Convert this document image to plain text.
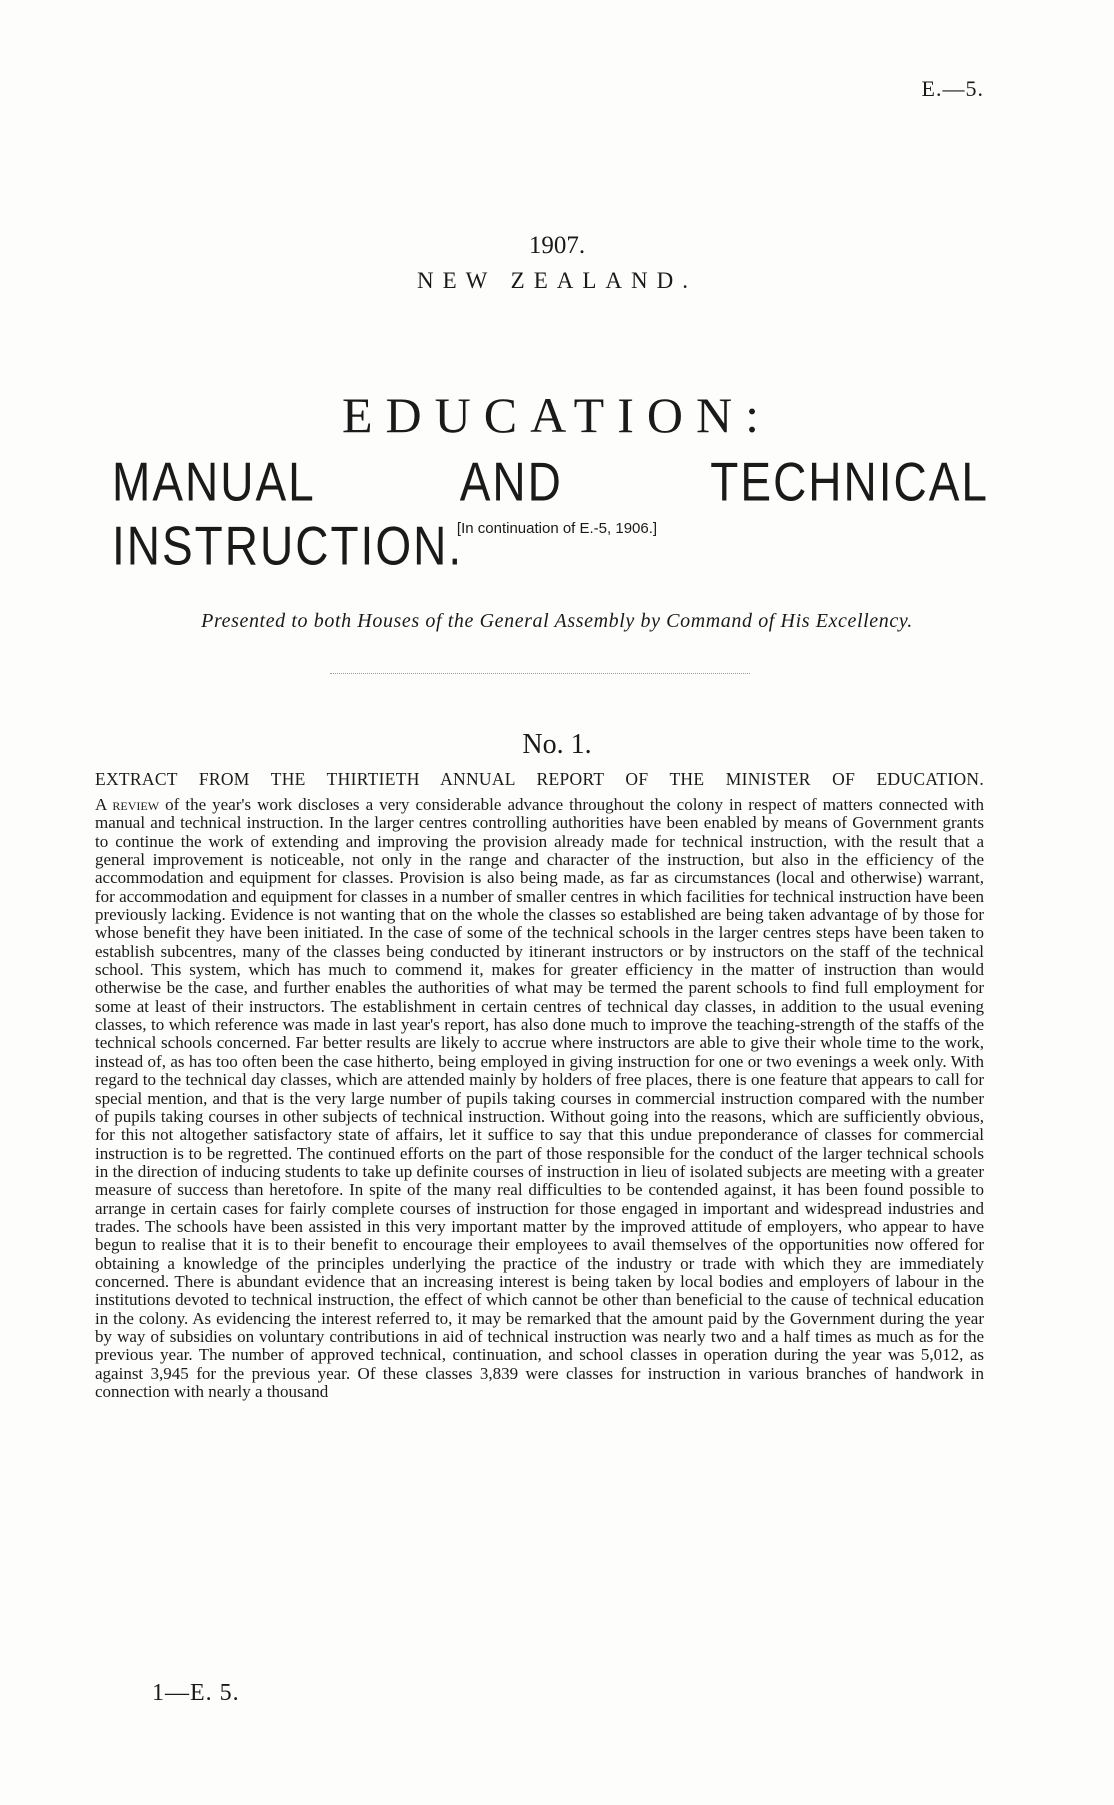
E.—5.
1907.
NEW ZEALAND.
EDUCATION:
MANUAL AND TECHNICAL INSTRUCTION.
[In continuation of E.-5, 1906.]
Presented to both Houses of the General Assembly by Command of His Excellency.
No. 1.
EXTRACT FROM THE THIRTIETH ANNUAL REPORT OF THE MINISTER OF EDUCATION.
A review of the year's work discloses a very considerable advance throughout the colony in respect of matters connected with manual and technical instruction. In the larger centres controlling authorities have been enabled by means of Government grants to continue the work of extending and improving the provision already made for technical instruction, with the result that a general improvement is noticeable, not only in the range and character of the instruction, but also in the efficiency of the accommodation and equipment for classes. Provision is also being made, as far as circumstances (local and otherwise) warrant, for accommodation and equipment for classes in a number of smaller centres in which facilities for technical instruction have been previously lacking. Evidence is not wanting that on the whole the classes so established are being taken advantage of by those for whose benefit they have been initiated. In the case of some of the technical schools in the larger centres steps have been taken to establish subcentres, many of the classes being conducted by itinerant instructors or by instructors on the staff of the technical school. This system, which has much to commend it, makes for greater efficiency in the matter of instruction than would otherwise be the case, and further enables the authorities of what may be termed the parent schools to find full employment for some at least of their instructors. The establishment in certain centres of technical day classes, in addition to the usual evening classes, to which reference was made in last year's report, has also done much to improve the teaching-strength of the staffs of the technical schools concerned. Far better results are likely to accrue where instructors are able to give their whole time to the work, instead of, as has too often been the case hitherto, being employed in giving instruction for one or two evenings a week only. With regard to the technical day classes, which are attended mainly by holders of free places, there is one feature that appears to call for special mention, and that is the very large number of pupils taking courses in commercial instruction compared with the number of pupils taking courses in other subjects of technical instruction. Without going into the reasons, which are sufficiently obvious, for this not altogether satisfactory state of affairs, let it suffice to say that this undue preponderance of classes for commercial instruction is to be regretted. The continued efforts on the part of those responsible for the conduct of the larger technical schools in the direction of inducing students to take up definite courses of instruction in lieu of isolated subjects are meeting with a greater measure of success than heretofore. In spite of the many real difficulties to be contended against, it has been found possible to arrange in certain cases for fairly complete courses of instruction for those engaged in important and widespread industries and trades. The schools have been assisted in this very important matter by the improved attitude of employers, who appear to have begun to realise that it is to their benefit to encourage their employees to avail themselves of the opportunities now offered for obtaining a knowledge of the principles underlying the practice of the industry or trade with which they are immediately concerned. There is abundant evidence that an increasing interest is being taken by local bodies and employers of labour in the institutions devoted to technical instruction, the effect of which cannot be other than beneficial to the cause of technical education in the colony. As evidencing the interest referred to, it may be remarked that the amount paid by the Government during the year by way of subsidies on voluntary contributions in aid of technical instruction was nearly two and a half times as much as for the previous year. The number of approved technical, continuation, and school classes in operation during the year was 5,012, as against 3,945 for the previous year. Of these classes 3,839 were classes for instruction in various branches of handwork in connection with nearly a thousand
1—E. 5.
